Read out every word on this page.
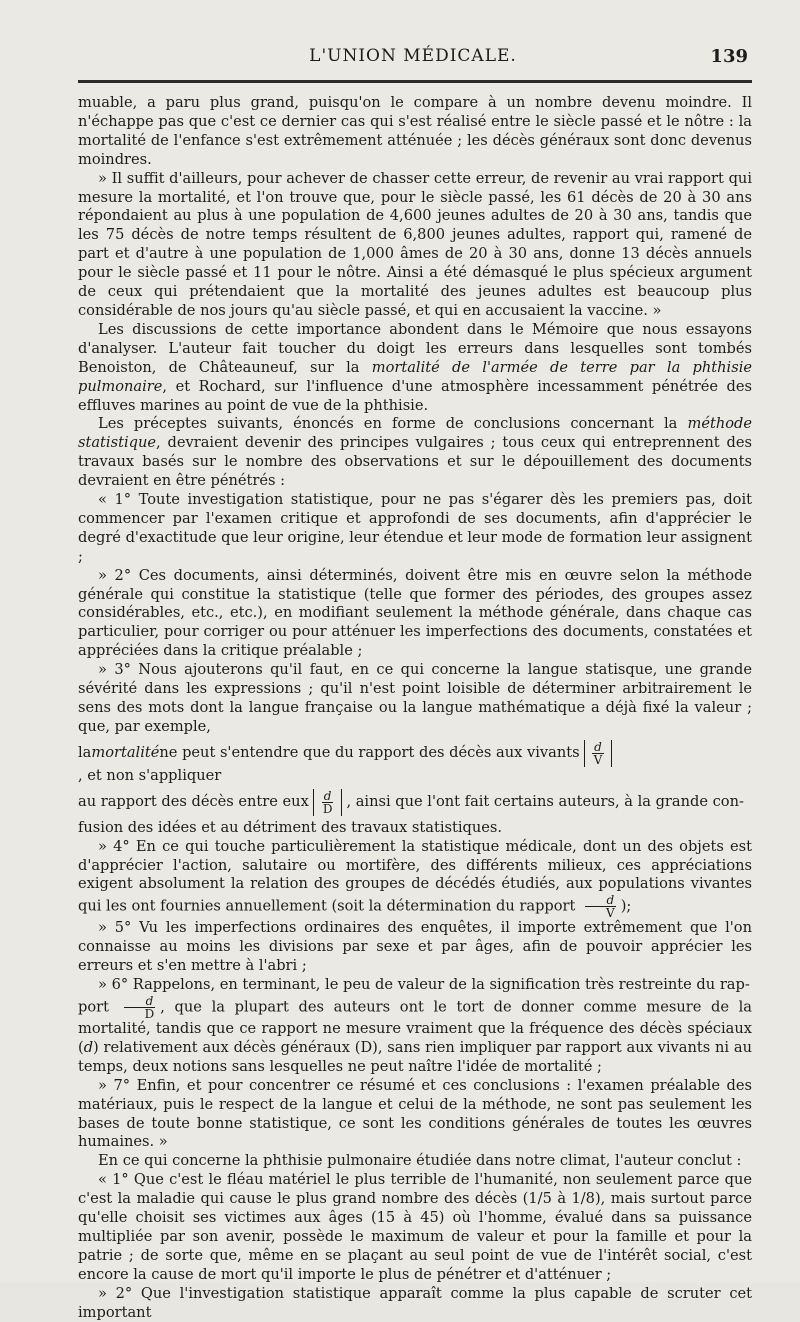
L'UNION MÉDICALE.	139

muable, a paru plus grand, puisqu'on le compare à un nombre devenu moindre. Il n'échappe pas que c'est ce dernier cas qui s'est réalisé entre le siècle passé et le nôtre : la mortalité de l'enfance s'est extrêmement atténuée ; les décès généraux sont donc devenus moindres.

» Il suffit d'ailleurs, pour achever de chasser cette erreur, de revenir au vrai rapport qui mesure la mortalité, et l'on trouve que, pour le siècle passé, les 61 décès de 20 à 30 ans répondaient au plus à une population de 4,600 jeunes adultes de 20 à 30 ans, tandis que les 75 décès de notre temps résultent de 6,800 jeunes adultes, rapport qui, ramené de part et d'autre à une population de 1,000 âmes de 20 à 30 ans, donne 13 décès annuels pour le siècle passé et 11 pour le nôtre. Ainsi a été démasqué le plus spécieux argument de ceux qui prétendaient que la mortalité des jeunes adultes est beaucoup plus considérable de nos jours qu'au siècle passé, et qui en accusaient la vaccine. »

Les discussions de cette importance abondent dans le Mémoire que nous essayons d'analyser. L'auteur fait toucher du doigt les erreurs dans lesquelles sont tombés Benoiston, de Châteauneuf, sur la mortalité de l'armée de terre par la phthisie pulmonaire, et Rochard, sur l'influence d'une atmosphère incessamment pénétrée des effluves marines au point de vue de la phthisie.

Les préceptes suivants, énoncés en forme de conclusions concernant la méthode statistique, devraient devenir des principes vulgaires ; tous ceux qui entreprennent des travaux basés sur le nombre des observations et sur le dépouillement des documents devraient en être pénétrés :

« 1° Toute investigation statistique, pour ne pas s'égarer dès les premiers pas, doit commencer par l'examen critique et approfondi de ses documents, afin d'apprécier le degré d'exactitude que leur origine, leur étendue et leur mode de formation leur assignent ;

» 2° Ces documents, ainsi déterminés, doivent être mis en œuvre selon la méthode générale qui constitue la statistique (telle que former des périodes, des groupes assez considérables, etc., etc.), en modifiant seulement la méthode générale, dans chaque cas particulier, pour corriger ou pour atténuer les imperfections des documents, constatées et appréciées dans la critique préalable ;

» 3° Nous ajouterons qu'il faut, en ce qui concerne la langue statisque, une grande sévérité dans les expressions ; qu'il n'est point loisible de déterminer arbitrairement le sens des mots dont la langue française ou la langue mathématique a déjà fixé la valeur ; que, par exemple,

la mortalité ne peut s'entendre que du rapport des décès aux vivants $\frac{d}{V}$
, et non s'appliquer
au rapport des décès entre eux $\frac{d}{D}$ , ainsi que l'ont fait certains auteurs, à la grande con-

fusion des idées et au détriment des travaux statistiques.

» 4° En ce qui touche particulièrement la statistique médicale, dont un des objets est d'apprécier l'action, salutaire ou mortifère, des différents milieux, ces appréciations exigent absolument la relation des groupes de décédés étudiés, aux populations vivantes qui les ont fournies annuellement (soit la détermination du rapport $\frac{d}{V}$ );

» 5° Vu les imperfections ordinaires des enquêtes, il importe extrêmement que l'on connaisse au moins les divisions par sexe et par âges, afin de pouvoir apprécier les erreurs et s'en mettre à l'abri ;

» 6° Rappelons, en terminant, le peu de valeur de la signification très restreinte du rap-
port $\frac{d}{D}$ , que la plupart des auteurs ont le tort de donner comme mesure de la mortalité, tandis que ce rapport ne mesure vraiment que la fréquence des décès spéciaux (d) relativement aux décès généraux (D), sans rien impliquer par rapport aux vivants ni au temps, deux notions sans lesquelles ne peut naître l'idée de mortalité ;

» 7° Enfin, et pour concentrer ce résumé et ces conclusions : l'examen préalable des matériaux, puis le respect de la langue et celui de la méthode, ne sont pas seulement les bases de toute bonne statistique, ce sont les conditions générales de toutes les œuvres humaines. »

En ce qui concerne la phthisie pulmonaire étudiée dans notre climat, l'auteur conclut :

« 1° Que c'est le fléau matériel le plus terrible de l'humanité, non seulement parce que c'est la maladie qui cause le plus grand nombre des décès (1/5 à 1/8), mais surtout parce qu'elle choisit ses victimes aux âges (15 à 45) où l'homme, évalué dans sa puissance multipliée par son avenir, possède le maximum de valeur et pour la famille et pour la patrie ; de sorte que, même en se plaçant au seul point de vue de l'intérêt social, c'est encore la cause de mort qu'il importe le plus de pénétrer et d'atténuer ;

» 2° Que l'investigation statistique apparaît comme la plus capable de scruter cet important
